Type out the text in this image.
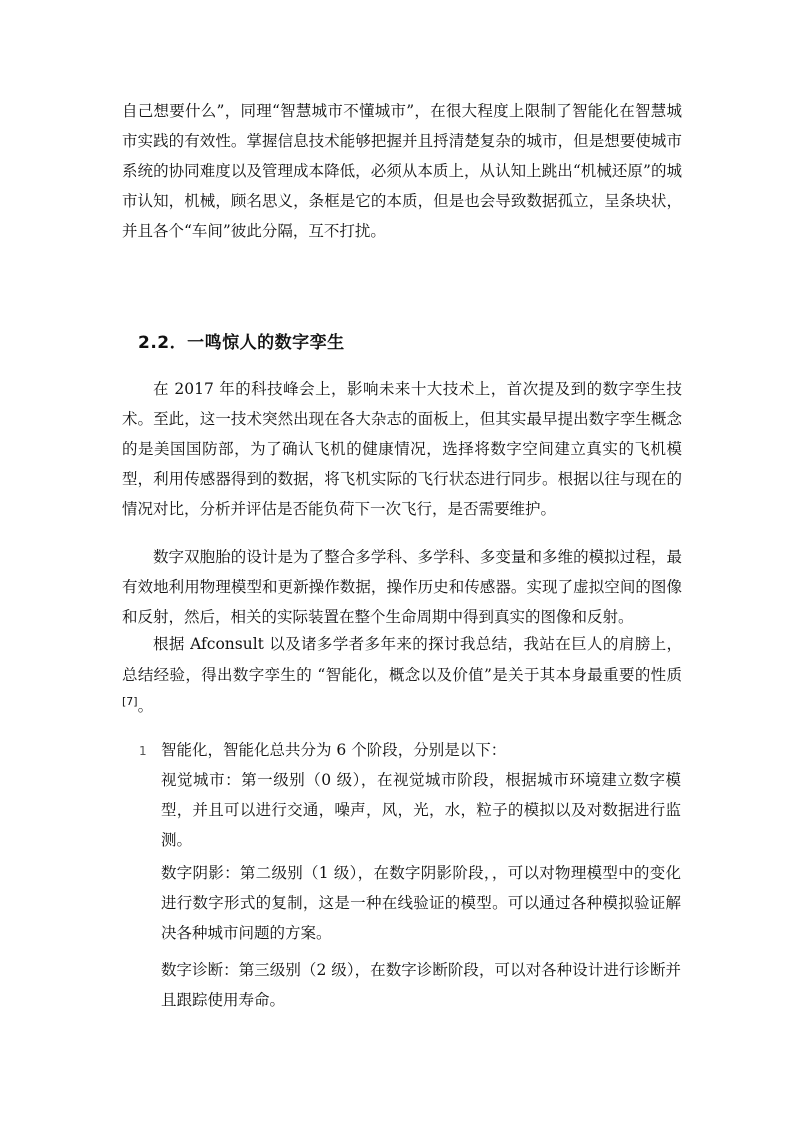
自己想要什么”，同理“智慧城市不懂城市”，在很大程度上限制了智能化在智慧城市实践的有效性。掌握信息技术能够把握并且捋清楚复杂的城市，但是想要使城市系统的协同难度以及管理成本降低，必须从本质上，从认知上跳出“机械还原”的城市认知，机械，顾名思义，条框是它的本质，但是也会导致数据孤立，呈条块状，并且各个“车间”彼此分隔，互不打扰。
2.2．一鸣惊人的数字孪生
在 2017 年的科技峰会上，影响未来十大技术上，首次提及到的数字孪生技术。至此，这一技术突然出现在各大杂志的面板上，但其实最早提出数字孪生概念的是美国国防部，为了确认飞机的健康情况，选择将数字空间建立真实的飞机模型，利用传感器得到的数据，将飞机实际的飞行状态进行同步。根据以往与现在的情况对比，分析并评估是否能负荷下一次飞行，是否需要维护。
数字双胞胎的设计是为了整合多学科、多学科、多变量和多维的模拟过程，最有效地利用物理模型和更新操作数据，操作历史和传感器。实现了虚拟空间的图像和反射，然后，相关的实际装置在整个生命周期中得到真实的图像和反射。
根据 Afconsult 以及诸多学者多年来的探讨我总结，我站在巨人的肩膀上，总结经验，得出数字孪生的 “智能化，概念以及价值”是关于其本身最重要的性质[7]。
1 智能化，智能化总共分为 6 个阶段，分别是以下：
视觉城市：第一级别（0 级），在视觉城市阶段，根据城市环境建立数字模型，并且可以进行交通，噪声，风，光，水，粒子的模拟以及对数据进行监测。
数字阴影：第二级别（1 级），在数字阴影阶段，，可以对物理模型中的变化进行数字形式的复制，这是一种在线验证的模型。可以通过各种模拟验证解决各种城市问题的方案。
数字诊断：第三级别（2 级），在数字诊断阶段，可以对各种设计进行诊断并且跟踪使用寿命。
